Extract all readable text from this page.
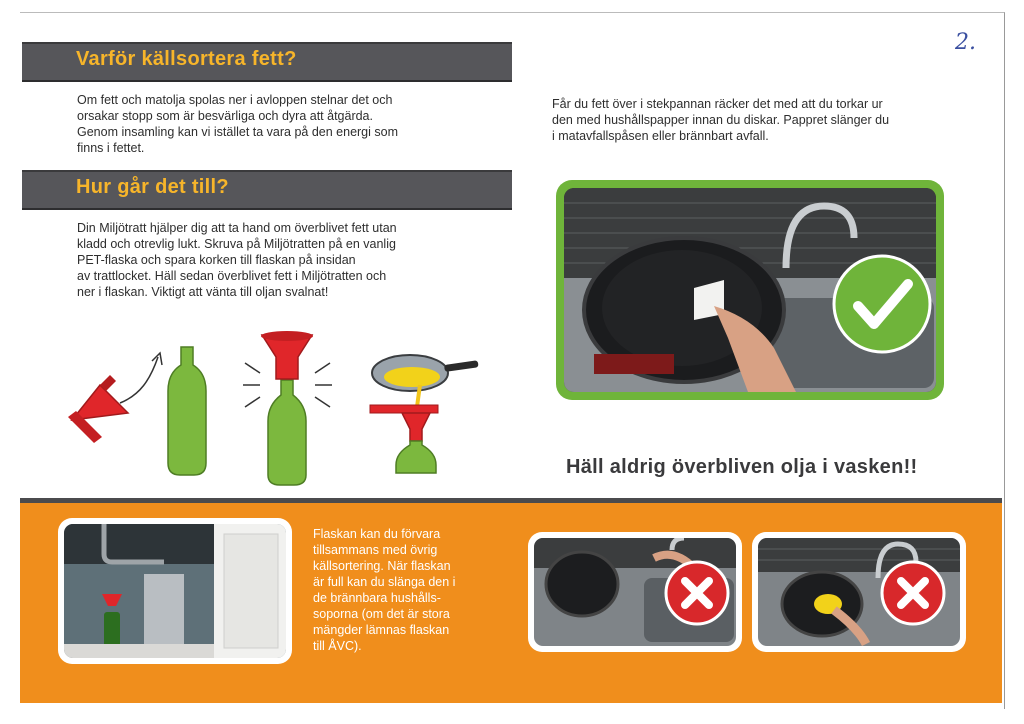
2.
Varför källsortera fett?
Om fett och matolja spolas ner i avloppen stelnar det och
orsakar stopp som är besvärliga och dyra att åtgärda.
Genom insamling kan vi istället ta vara på den energi som
finns i fettet.
Hur går det till?
Din Miljötratt hjälper dig att ta hand om överblivet fett utan
kladd och otrevlig lukt. Skruva på Miljötratten på en vanlig
PET-flaska och spara korken till flaskan på insidan
av trattlocket. Häll sedan överblivet fett i Miljötratten och
ner i flaskan. Viktigt att vänta till oljan svalnat!
Får du fett över i stekpannan räcker det med att du torkar ur
den med hushållspapper innan du diskar. Pappret slänger du
i matavfallspåsen eller brännbart avfall.
Häll aldrig överbliven olja i vasken!!
Flaskan kan du förvara
tillsammans med övrig
källsortering. När flaskan
är full kan du slänga den i
de brännbara hushålls-
soporna (om det är stora
mängder lämnas flaskan
till ÅVC).
